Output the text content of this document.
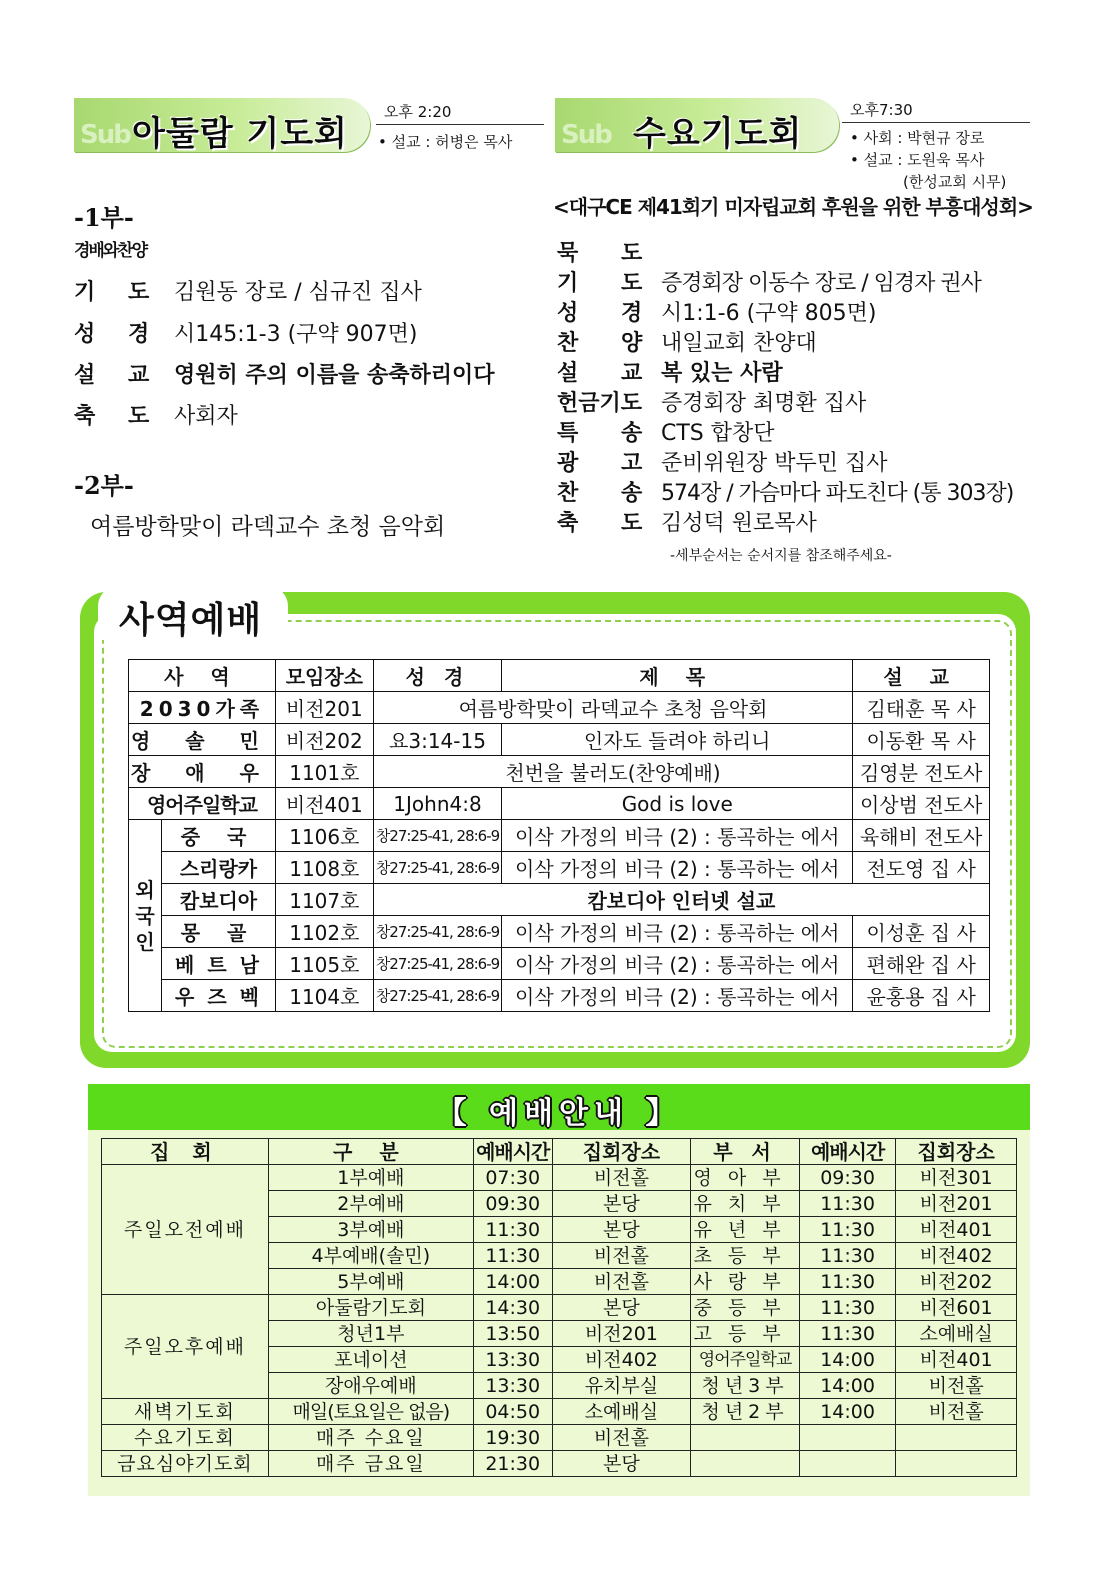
Sub 아둘람 기도회
오후 2:20
• 설교 : 허병은 목사 Sub 수요기도회
오후7:30
• 사회 : 박현규 장로
• 설교 : 도원욱 목사
(한성교회 시무)
-1부-
경배와찬양
기 도 김원동 장로 / 심규진 집사
성 경 시145:1-3 (구약 907면)
설 교 영원히 주의 이름을 송축하리이다
축 도 사회자
-2부-
여름방학맞이 라덱교수 초청 음악회
<대구CE 제41회기 미자립교회 후원을 위한 부흥대성회>
묵 도
기 도 증경회장 이동수 장로 / 임경자 권사
성 경 시1:1-6 (구약 805면)
찬 양 내일교회 찬양대
설 교 복 있는 사람
헌금기도 증경회장 최명환 집사
특 송 CTS 합창단
광 고 준비위원장 박두민 집사
찬 송 574장 / 가슴마다 파도친다 (통 303장)
축 도 김성덕 원로목사
-세부순서는 순서지를 참조해주세요-
사역예배
사 역		모임장소	성 경	제 목	설 교
2030가족		비전201	여름방학맞이 라덱교수 초청 음악회		김태훈 목 사
영 솔 민		비전202	요3:14-15	인자도 들려야 하리니	이동환 목 사
장 애 우		1101호	천번을 불러도(찬양예배)		김영분 전도사
영어주일학교		비전401	1John4:8	God is love	이상범 전도사
외국인	중 국	1106호	창27:25-41, 28:6-9	이삭 가정의 비극 (2) : 통곡하는 에서	육해비 전도사
	스리랑카	1108호	창27:25-41, 28:6-9	이삭 가정의 비극 (2) : 통곡하는 에서	전도영 집 사
	캄보디아	1107호	캄보디아 인터넷 설교		
	몽 골	1102호	창27:25-41, 28:6-9	이삭 가정의 비극 (2) : 통곡하는 에서	이성훈 집 사
	베 트 남	1105호	창27:25-41, 28:6-9	이삭 가정의 비극 (2) : 통곡하는 에서	편해완 집 사
	우 즈 벡	1104호	창27:25-41, 28:6-9	이삭 가정의 비극 (2) : 통곡하는 에서	윤홍용 집 사
【 예배안내 】
집 회	구 분	예배시간	집회장소	부 서	예배시간	집회장소
주일오전예배	1부예배	07:30	비전홀	영아부	09:30	비전301
	2부예배	09:30	본당	유치부	11:30	비전201
	3부예배	11:30	본당	유년부	11:30	비전401
	4부예배(솔민)	11:30	비전홀	초등부	11:30	비전402
	5부예배	14:00	비전홀	사랑부	11:30	비전202
주일오후예배	아둘람기도회	14:30	본당	중등부	11:30	비전601
	청년1부	13:50	비전201	고등부	11:30	소예배실
	포네이션	13:30	비전402	영어주일학교	14:00	비전401
	장애우예배	13:30	유치부실	청년3부	14:00	비전홀
새벽기도회	매일(토요일은 없음)	04:50	소예배실	청년2부	14:00	비전홀
수요기도회	매주 수요일	19:30	비전홀			
금요심야기도회	매주 금요일	21:30	본당			
